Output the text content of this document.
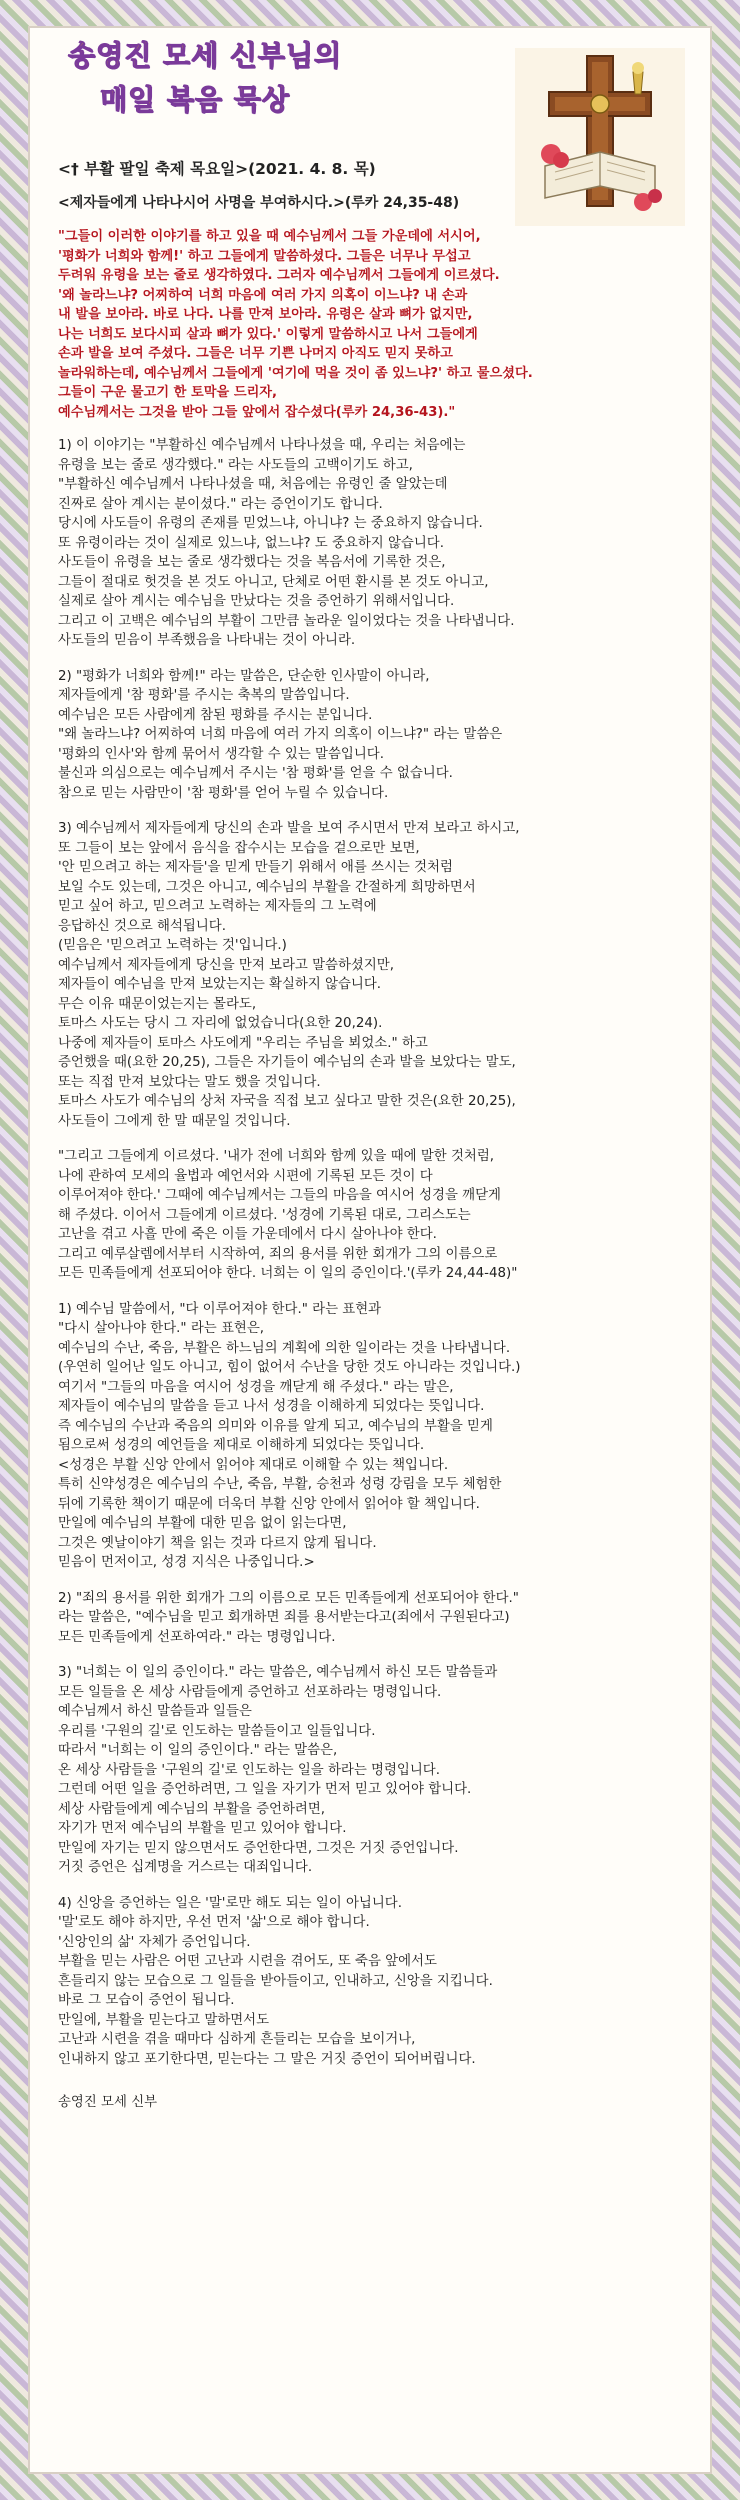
송영진 모세 신부님의
매일 복음 묵상
<† 부활 팔일 축제 목요일>(2021. 4. 8. 목)
<제자들에게 나타나시어 사명을 부여하시다.>(루카 24,35-48)
"그들이 이러한 이야기를 하고 있을 때 예수님께서 그들 가운데에 서시어,
'평화가 너희와 함께!' 하고 그들에게 말씀하셨다. 그들은 너무나 무섭고
두려워 유령을 보는 줄로 생각하였다. 그러자 예수님께서 그들에게 이르셨다.
'왜 놀라느냐? 어찌하여 너희 마음에 여러 가지 의혹이 이느냐? 내 손과
내 발을 보아라. 바로 나다. 나를 만져 보아라. 유령은 살과 뼈가 없지만,
나는 너희도 보다시피 살과 뼈가 있다.' 이렇게 말씀하시고 나서 그들에게
손과 발을 보여 주셨다. 그들은 너무 기쁜 나머지 아직도 믿지 못하고
놀라워하는데, 예수님께서 그들에게 '여기에 먹을 것이 좀 있느냐?' 하고 물으셨다.
그들이 구운 물고기 한 토막을 드리자,
예수님께서는 그것을 받아 그들 앞에서 잡수셨다(루카 24,36-43)."
1) 이 이야기는 "부활하신 예수님께서 나타나셨을 때, 우리는 처음에는
유령을 보는 줄로 생각했다." 라는 사도들의 고백이기도 하고,
"부활하신 예수님께서 나타나셨을 때, 처음에는 유령인 줄 알았는데
진짜로 살아 계시는 분이셨다." 라는 증언이기도 합니다.
당시에 사도들이 유령의 존재를 믿었느냐, 아니냐? 는 중요하지 않습니다.
또 유령이라는 것이 실제로 있느냐, 없느냐? 도 중요하지 않습니다.
사도들이 유령을 보는 줄로 생각했다는 것을 복음서에 기록한 것은,
그들이 절대로 헛것을 본 것도 아니고, 단체로 어떤 환시를 본 것도 아니고,
실제로 살아 계시는 예수님을 만났다는 것을 증언하기 위해서입니다.
그리고 이 고백은 예수님의 부활이 그만큼 놀라운 일이었다는 것을 나타냅니다.
사도들의 믿음이 부족했음을 나타내는 것이 아니라.
2) "평화가 너희와 함께!" 라는 말씀은, 단순한 인사말이 아니라,
제자들에게 '참 평화'를 주시는 축복의 말씀입니다.
예수님은 모든 사람에게 참된 평화를 주시는 분입니다.
"왜 놀라느냐? 어찌하여 너희 마음에 여러 가지 의혹이 이느냐?" 라는 말씀은
'평화의 인사'와 함께 묶어서 생각할 수 있는 말씀입니다.
불신과 의심으로는 예수님께서 주시는 '참 평화'를 얻을 수 없습니다.
참으로 믿는 사람만이 '참 평화'를 얻어 누릴 수 있습니다.
3) 예수님께서 제자들에게 당신의 손과 발을 보여 주시면서 만져 보라고 하시고,
또 그들이 보는 앞에서 음식을 잡수시는 모습을 겉으로만 보면,
'안 믿으려고 하는 제자들'을 믿게 만들기 위해서 애를 쓰시는 것처럼
보일 수도 있는데, 그것은 아니고, 예수님의 부활을 간절하게 희망하면서
믿고 싶어 하고, 믿으려고 노력하는 제자들의 그 노력에
응답하신 것으로 해석됩니다.
(믿음은 '믿으려고 노력하는 것'입니다.)
예수님께서 제자들에게 당신을 만져 보라고 말씀하셨지만,
제자들이 예수님을 만져 보았는지는 확실하지 않습니다.
무슨 이유 때문이었는지는 몰라도,
토마스 사도는 당시 그 자리에 없었습니다(요한 20,24).
나중에 제자들이 토마스 사도에게 "우리는 주님을 뵈었소." 하고
증언했을 때(요한 20,25), 그들은 자기들이 예수님의 손과 발을 보았다는 말도,
또는 직접 만져 보았다는 말도 했을 것입니다.
토마스 사도가 예수님의 상처 자국을 직접 보고 싶다고 말한 것은(요한 20,25),
사도들이 그에게 한 말 때문일 것입니다.
"그리고 그들에게 이르셨다. '내가 전에 너희와 함께 있을 때에 말한 것처럼,
나에 관하여 모세의 율법과 예언서와 시편에 기록된 모든 것이 다
이루어져야 한다.' 그때에 예수님께서는 그들의 마음을 여시어 성경을 깨닫게
해 주셨다. 이어서 그들에게 이르셨다. '성경에 기록된 대로, 그리스도는
고난을 겪고 사흘 만에 죽은 이들 가운데에서 다시 살아나야 한다.
그리고 예루살렘에서부터 시작하여, 죄의 용서를 위한 회개가 그의 이름으로
모든 민족들에게 선포되어야 한다. 너희는 이 일의 증인이다.'(루카 24,44-48)"
1) 예수님 말씀에서, "다 이루어져야 한다." 라는 표현과
"다시 살아나야 한다." 라는 표현은,
예수님의 수난, 죽음, 부활은 하느님의 계획에 의한 일이라는 것을 나타냅니다.
(우연히 일어난 일도 아니고, 힘이 없어서 수난을 당한 것도 아니라는 것입니다.)
여기서 "그들의 마음을 여시어 성경을 깨닫게 해 주셨다." 라는 말은,
제자들이 예수님의 말씀을 듣고 나서 성경을 이해하게 되었다는 뜻입니다.
즉 예수님의 수난과 죽음의 의미와 이유를 알게 되고, 예수님의 부활을 믿게
됨으로써 성경의 예언들을 제대로 이해하게 되었다는 뜻입니다.
<성경은 부활 신앙 안에서 읽어야 제대로 이해할 수 있는 책입니다.
특히 신약성경은 예수님의 수난, 죽음, 부활, 승천과 성령 강림을 모두 체험한
뒤에 기록한 책이기 때문에 더욱더 부활 신앙 안에서 읽어야 할 책입니다.
만일에 예수님의 부활에 대한 믿음 없이 읽는다면,
그것은 옛날이야기 책을 읽는 것과 다르지 않게 됩니다.
믿음이 먼저이고, 성경 지식은 나중입니다.>
2) "죄의 용서를 위한 회개가 그의 이름으로 모든 민족들에게 선포되어야 한다."
라는 말씀은, "예수님을 믿고 회개하면 죄를 용서받는다고(죄에서 구원된다고)
모든 민족들에게 선포하여라." 라는 명령입니다.
3) "너희는 이 일의 증인이다." 라는 말씀은, 예수님께서 하신 모든 말씀들과
모든 일들을 온 세상 사람들에게 증언하고 선포하라는 명령입니다.
예수님께서 하신 말씀들과 일들은
우리를 '구원의 길'로 인도하는 말씀들이고 일들입니다.
따라서 "너희는 이 일의 증인이다." 라는 말씀은,
온 세상 사람들을 '구원의 길'로 인도하는 일을 하라는 명령입니다.
그런데 어떤 일을 증언하려면, 그 일을 자기가 먼저 믿고 있어야 합니다.
세상 사람들에게 예수님의 부활을 증언하려면,
자기가 먼저 예수님의 부활을 믿고 있어야 합니다.
만일에 자기는 믿지 않으면서도 증언한다면, 그것은 거짓 증언입니다.
거짓 증언은 십계명을 거스르는 대죄입니다.
4) 신앙을 증언하는 일은 '말'로만 해도 되는 일이 아닙니다.
'말'로도 해야 하지만, 우선 먼저 '삶'으로 해야 합니다.
'신앙인의 삶' 자체가 증언입니다.
부활을 믿는 사람은 어떤 고난과 시련을 겪어도, 또 죽음 앞에서도
흔들리지 않는 모습으로 그 일들을 받아들이고, 인내하고, 신앙을 지킵니다.
바로 그 모습이 증언이 됩니다.
만일에, 부활을 믿는다고 말하면서도
고난과 시련을 겪을 때마다 심하게 흔들리는 모습을 보이거나,
인내하지 않고 포기한다면, 믿는다는 그 말은 거짓 증언이 되어버립니다.
송영진 모세 신부
